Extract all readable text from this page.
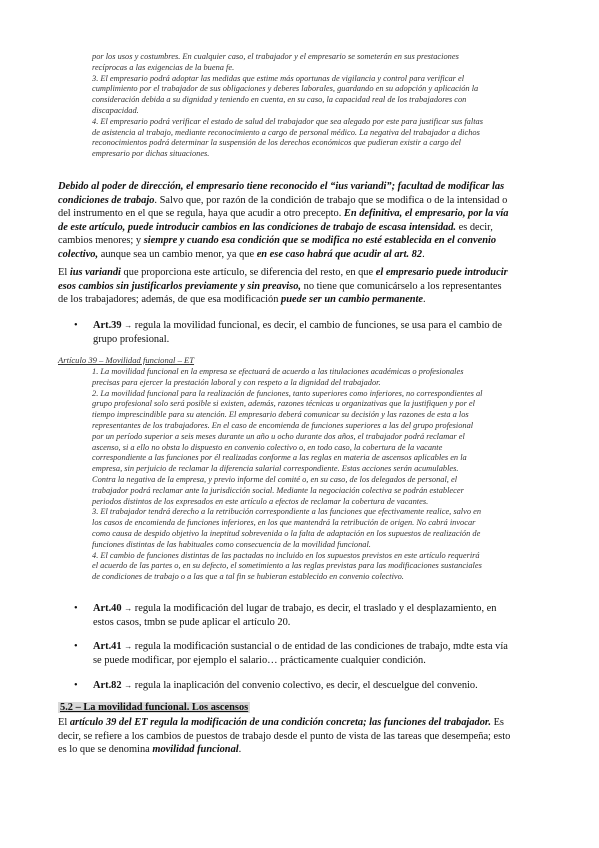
por los usos y costumbres. En cualquier caso, el trabajador y el empresario se someterán en sus prestaciones

recíprocas a las exigencias de la buena fe.

3. El empresario podrá adoptar las medidas que estime más oportunas de vigilancia y control para verificar el

cumplimiento por el trabajador de sus obligaciones y deberes laborales, guardando en su adopción y aplicación la

consideración debida a su dignidad y teniendo en cuenta, en su caso, la capacidad real de los trabajadores con

discapacidad.

4. El empresario podrá verificar el estado de salud del trabajador que sea alegado por este para justificar sus faltas

de asistencia al trabajo, mediante reconocimiento a cargo de personal médico. La negativa del trabajador a dichos

reconocimientos podrá determinar la suspensión de los derechos económicos que pudieran existir a cargo del

empresario por dichas situaciones.

Debido al poder de dirección, el empresario tiene reconocido el “ius variandi”; facultad de modificar las

condiciones de trabajo. Salvo que, por razón de la condición de trabajo que se modifica o de la intensidad o

del instrumento en el que se regula, haya que acudir a otro precepto. En definitiva, el empresario, por la vía

de este artículo, puede introducir cambios en las condiciones de trabajo de escasa intensidad. es decir,

cambios menores; y siempre y cuando esa condición que se modifica no esté establecida en el convenio

colectivo, aunque sea un cambio menor, ya que en ese caso habrá que acudir al art. 82.

El ius variandi que proporciona este artículo, se diferencia del resto, en que el empresario puede introducir

esos cambios sin justificarlos previamente y sin preaviso, no tiene que comunicárselo a los representantes

de los trabajadores; además, de que esa modificación puede ser un cambio permanente.

• Art.39 → regula la movilidad funcional, es decir, el cambio de funciones, se usa para el cambio de
grupo profesional.
Artículo 39 – Movilidad funcional – ET

1. La movilidad funcional en la empresa se efectuará de acuerdo a las titulaciones académicas o profesionales

precisas para ejercer la prestación laboral y con respeto a la dignidad del trabajador.

2. La movilidad funcional para la realización de funciones, tanto superiores como inferiores, no correspondientes al

grupo profesional solo será posible si existen, además, razones técnicas u organizativas que la justifiquen y por el

tiempo imprescindible para su atención. El empresario deberá comunicar su decisión y las razones de esta a los

representantes de los trabajadores. En el caso de encomienda de funciones superiores a las del grupo profesional

por un período superior a seis meses durante un año u ocho durante dos años, el trabajador podrá reclamar el

ascenso, si a ello no obsta lo dispuesto en convenio colectivo o, en todo caso, la cobertura de la vacante

correspondiente a las funciones por él realizadas conforme a las reglas en materia de ascensos aplicables en la

empresa, sin perjuicio de reclamar la diferencia salarial correspondiente. Estas acciones serán acumulables.

Contra la negativa de la empresa, y previo informe del comité o, en su caso, de los delegados de personal, el

trabajador podrá reclamar ante la jurisdicción social. Mediante la negociación colectiva se podrán establecer

periodos distintos de los expresados en este artículo a efectos de reclamar la cobertura de vacantes.

3. El trabajador tendrá derecho a la retribución correspondiente a las funciones que efectivamente realice, salvo en

los casos de encomienda de funciones inferiores, en los que mantendrá la retribución de origen. No cabrá invocar

como causa de despido objetivo la ineptitud sobrevenida o la falta de adaptación en los supuestos de realización de

funciones distintas de las habituales como consecuencia de la movilidad funcional.

4. El cambio de funciones distintas de las pactadas no incluido en los supuestos previstos en este artículo requerirá

el acuerdo de las partes o, en su defecto, el sometimiento a las reglas previstas para las modificaciones sustanciales

de condiciones de trabajo o a las que a tal fin se hubieran establecido en convenio colectivo.

• Art.40 → regula la modificación del lugar de trabajo, es decir, el traslado y el desplazamiento, en
estos casos, tmbn se pude aplicar el artículo 20.
• Art.41 → regula la modificación sustancial o de entidad de las condiciones de trabajo, mdte esta vía
se puede modificar, por ejemplo el salario… prácticamente cualquier condición.
• Art.82 → regula la inaplicación del convenio colectivo, es decir, el descuelgue del convenio.
5.2 – La movilidad funcional. Los ascensos

El artículo 39 del ET regula la modificación de una condición concreta; las funciones del trabajador. Es

decir, se refiere a los cambios de puestos de trabajo desde el punto de vista de las tareas que desempeña; esto

es lo que se denomina movilidad funcional.
